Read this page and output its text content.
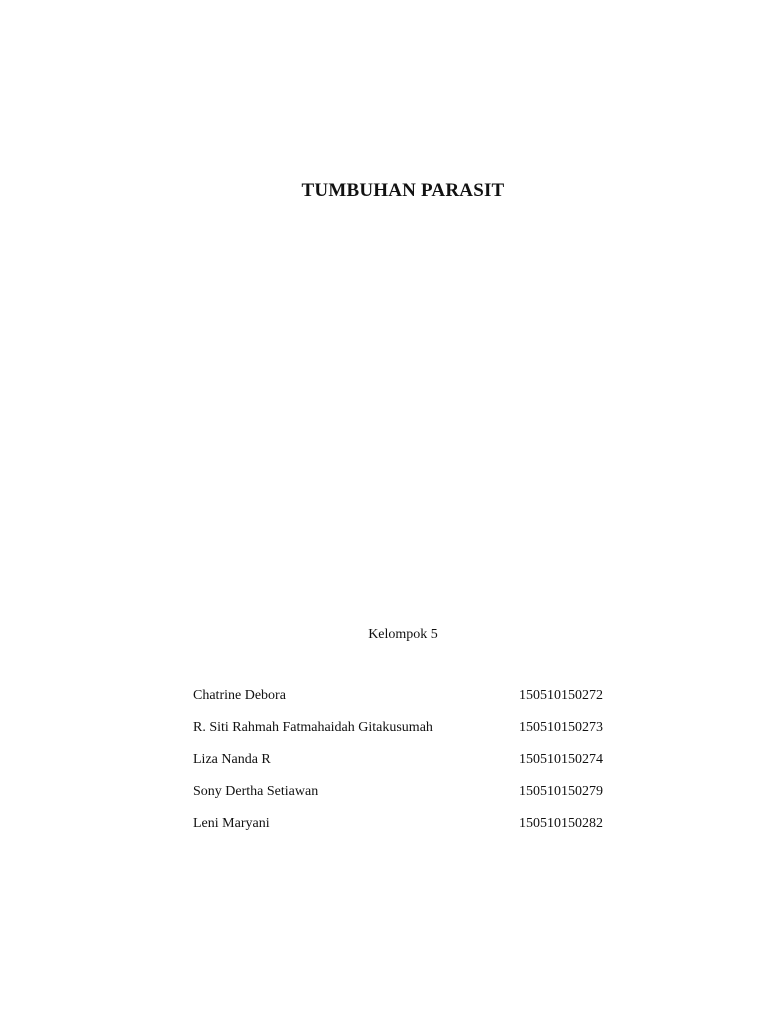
TUMBUHAN PARASIT
Kelompok 5
Chatrine Debora	150510150272
R. Siti Rahmah Fatmahaidah Gitakusumah	150510150273
Liza Nanda R	150510150274
Sony Dertha Setiawan	150510150279
Leni Maryani	150510150282
